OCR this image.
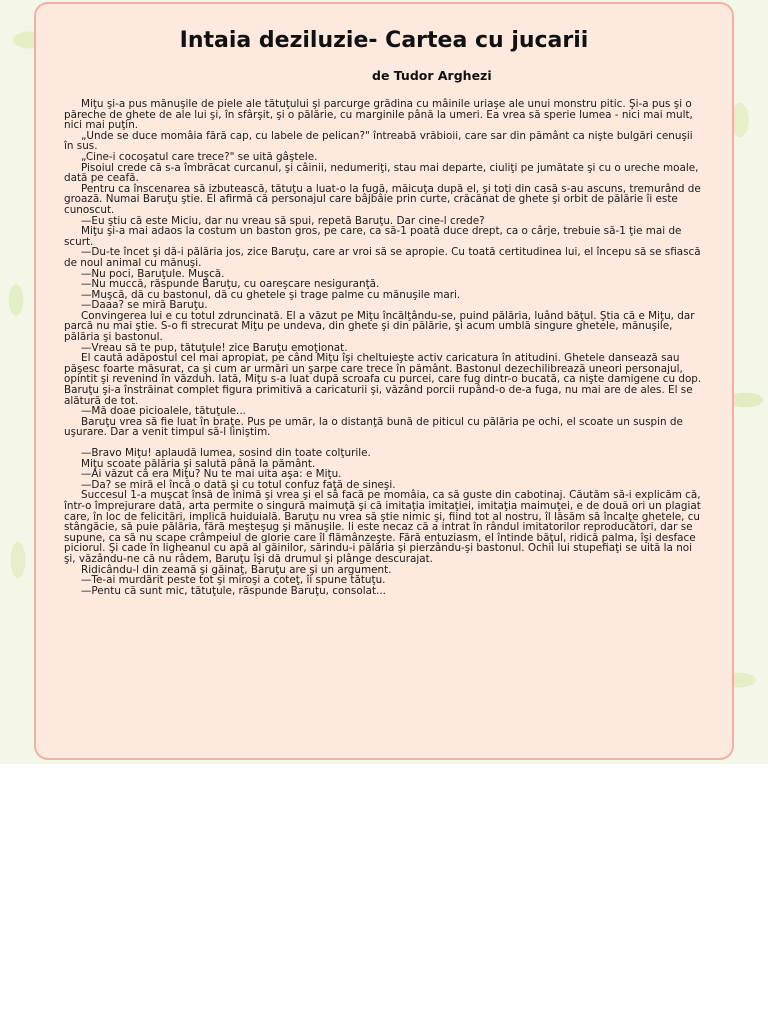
Intaia deziluzie- Cartea cu jucarii
de Tudor Arghezi

Miţu şi-a pus mănuşile de piele ale tătuţului şi parcurge grădina cu mâinile uriaşe ale unui monstru pitic. Şi-a pus şi o păreche de ghete de ale lui şi, în sfârşit, şi o pălărie, cu marginile până la umeri. Ea vrea să sperie lumea - nici mai mult, nici mai puţin.

„Unde se duce momâia fără cap, cu labele de pelican?" întreabă vrăbioii, care sar din pământ ca nişte bulgări cenuşii în sus.

„Cine-i cocoşatul care trece?" se uită gâştele.

Pisoiul crede că s-a îmbrăcat curcanul, şi câinii, nedumeriţi, stau mai departe, ciuliţi pe jumătate şi cu o ureche moale, dată pe ceafă.

Pentru ca înscenarea să izbutească, tătuţu a luat-o la fugă, măicuţa după el, şi toţi din casă s-au ascuns, tremurând de groază. Numai Baruţu ştie. El afirmă că personajul care bâjbâie prin curte, crăcănat de ghete şi orbit de pălărie îi este cunoscut.

—Eu ştiu că este Miciu, dar nu vreau să spui, repetă Baruţu. Dar cine-l crede?

Miţu şi-a mai adaos la costum un baston gros, pe care, ca să-1 poată duce drept, ca o cârje, trebuie să-1 ţie mai de scurt.

—Du-te încet şi dă-i pălăria jos, zice Baruţu, care ar vroi să se apropie. Cu toată certitudinea lui, el începu să se sfiască de noul animal cu mănuşi.

—Nu poci, Baruţule. Muşcă.

—Nu muccă, răspunde Baruţu, cu oareşcare nesiguranţă.

—Muşcă, dă cu bastonul, dă cu ghetele şi trage palme cu mănuşile mari.

—Daaa? se miră Baruţu.

Convingerea lui e cu totul zdruncinată. El a văzut pe Miţu încălţându-se, puind pălăria, luând băţul. Ştia că e Miţu, dar parcă nu mai ştie. S-o fi strecurat Miţu pe undeva, din ghete şi din pălărie, şi acum umblă singure ghetele, mănuşile, pălăria şi bastonul.

—Vreau să te pup, tătuţule! zice Baruţu emoţionat.

El caută adăpostul cel mai apropiat, pe când Miţu îşi cheltuieşte activ caricatura în atitudini. Ghetele dansează sau păşesc foarte măsurat, ca şi cum ar urmări un şarpe care trece în pământ. Bastonul dezechilibrează uneori personajul, opintit şi revenind în văzduh. Iată, Miţu s-a luat după scroafa cu purcei, care fug dintr-o bucată, ca nişte damigene cu dop. Baruţu şi-a înstrăinat complet figura primitivă a caricaturii şi, văzând porcii rupând-o de-a fuga, nu mai are de ales. El se alătură de tot.

—Mă doae picioalele, tătuţule...

Baruţu vrea să fie luat în braţe. Pus pe umăr, la o distanţă bună de piticul cu pălăria pe ochi, el scoate un suspin de uşurare. Dar a venit timpul să-l liniştim.

—Bravo Miţu! aplaudă lumea, sosind din toate colţurile.

Miţu scoate pălăria şi salută până la pământ.

—Ai văzut că era Miţu? Nu te mai uita aşa: e Miţu.

—Da? se miră el încă o dată şi cu totul confuz faţă de sineşi.

Succesul 1-a muşcat însă de inimă şi vrea şi el să facă pe momâia, ca să guste din cabotinaj. Căutăm să-i explicăm că, într-o împrejurare dată, arta permite o singură maimuţă şi că imitaţia imitaţiei, imitaţia maimuţei, e de două ori un plagiat care, în loc de felicitări, implică huiduială. Baruţu nu vrea să ştie nimic şi, fiind tot al nostru, îl lăsăm să încalţe ghetele, cu stângăcie, să puie pălăria, fără meşteşug şi mănuşile. Ii este necaz că a intrat în rândul imitatorilor reproducători, dar se supune, ca să nu scape crâmpeiul de glorie care îl flămânzeşte. Fără entuziasm, el întinde băţul, ridică palma, îşi desface piciorul. Şi cade în ligheanul cu apă al găinilor, sărindu-i pălăria şi pierzându-şi bastonul. Ochii lui stupefiaţi se uită la noi şi, văzându-ne că nu râdem, Baruţu îşi dă drumul şi plânge descurajat.

Ridicându-l din zeamă şi găinaţ, Baruţu are şi un argument.

—Te-ai murdărit peste tot şi miroşi a coteţ, îi spune tătuţu.

—Pentu că sunt mic, tătuţule, răspunde Baruţu, consolat...
